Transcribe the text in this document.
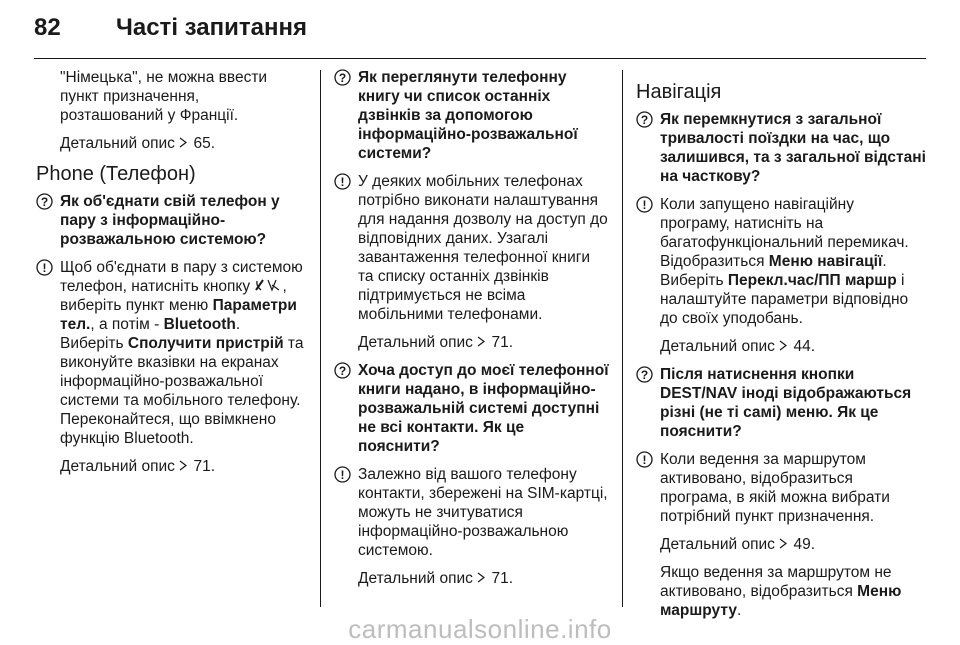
82 Часті запитання

"Німецька", не можна ввести пункт призначення, розташований у Франції.

Детальний опис 65.

Phone (Телефон)
? Як об'єднати свій телефон у пару з інформаційно-розважальною системою?
! Щоб об'єднати в пару з системою телефон, натисніть кнопку , виберіть пункт меню Параметри тел., а потім - Bluetooth. Виберіть Сполучити пристрій та виконуйте вказівки на екранах інформаційно-розважальної системи та мобільного телефону. Переконайтеся, що ввімкнено функцію Bluetooth.

Детальний опис 71.

? Як переглянути телефонну книгу чи список останніх дзвінків за допомогою інформаційно-розважальної системи?
! У деяких мобільних телефонах потрібно виконати налаштування для надання дозволу на доступ до відповідних даних. Узагалі завантаження телефонної книги та списку останніх дзвінків підтримується не всіма мобільними телефонами.

Детальний опис 71.

? Хоча доступ до моєї телефонної книги надано, в інформаційно-розважальній системі доступні не всі контакти. Як це пояснити?
! Залежно від вашого телефону контакти, збережені на SIM-картці, можуть не зчитуватися інформаційно-розважальною системою.

Детальний опис 71.

Навігація
? Як перемкнутися з загальної тривалості поїздки на час, що залишився, та з загальної відстані на часткову?
! Коли запущено навігаційну програму, натисніть на багатофункціональний перемикач. Відобразиться Меню навігації. Виберіть Перекл.час/ПП маршр і налаштуйте параметри відповідно до своїх уподобань.

Детальний опис 44.

? Після натиснення кнопки DEST/NAV іноді відображаються різні (не ті самі) меню. Як це пояснити?
! Коли ведення за маршрутом активовано, відобразиться програма, в якій можна вибрати потрібний пункт призначення.

Детальний опис 49.

Якщо ведення за маршрутом не активовано, відобразиться Меню маршруту.

carmanualsonline.info
